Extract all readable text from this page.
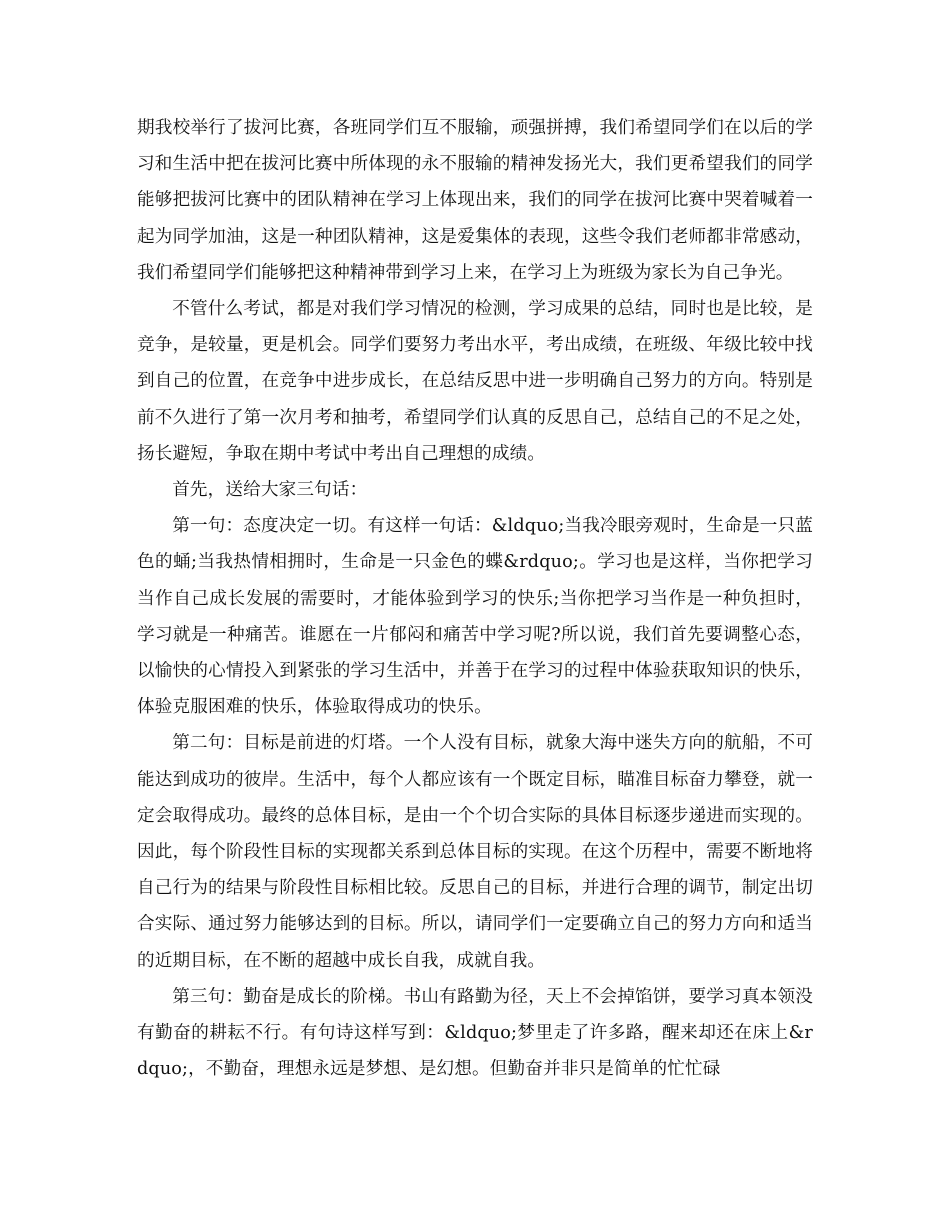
期我校举行了拔河比赛，各班同学们互不服输，顽强拼搏，我们希望同学们在以后的学习和生活中把在拔河比赛中所体现的永不服输的精神发扬光大，我们更希望我们的同学能够把拔河比赛中的团队精神在学习上体现出来，我们的同学在拔河比赛中哭着喊着一起为同学加油，这是一种团队精神，这是爱集体的表现，这些令我们老师都非常感动，我们希望同学们能够把这种精神带到学习上来，在学习上为班级为家长为自己争光。

不管什么考试，都是对我们学习情况的检测，学习成果的总结，同时也是比较，是竞争，是较量，更是机会。同学们要努力考出水平，考出成绩，在班级、年级比较中找到自己的位置，在竞争中进步成长，在总结反思中进一步明确自己努力的方向。特别是前不久进行了第一次月考和抽考，希望同学们认真的反思自己，总结自己的不足之处，扬长避短，争取在期中考试中考出自己理想的成绩。

首先，送给大家三句话：

第一句：态度决定一切。有这样一句话：&ldquo;当我冷眼旁观时，生命是一只蓝色的蛹;当我热情相拥时，生命是一只金色的蝶&rdquo;。学习也是这样，当你把学习当作自己成长发展的需要时，才能体验到学习的快乐;当你把学习当作是一种负担时，学习就是一种痛苦。谁愿在一片郁闷和痛苦中学习呢?所以说，我们首先要调整心态，以愉快的心情投入到紧张的学习生活中，并善于在学习的过程中体验获取知识的快乐，体验克服困难的快乐，体验取得成功的快乐。

第二句：目标是前进的灯塔。一个人没有目标，就象大海中迷失方向的航船，不可能达到成功的彼岸。生活中，每个人都应该有一个既定目标，瞄准目标奋力攀登，就一定会取得成功。最终的总体目标，是由一个个切合实际的具体目标逐步递进而实现的。因此，每个阶段性目标的实现都关系到总体目标的实现。在这个历程中，需要不断地将自己行为的结果与阶段性目标相比较。反思自己的目标，并进行合理的调节，制定出切合实际、通过努力能够达到的目标。所以，请同学们一定要确立自己的努力方向和适当的近期目标，在不断的超越中成长自我，成就自我。

第三句：勤奋是成长的阶梯。书山有路勤为径，天上不会掉馅饼，要学习真本领没有勤奋的耕耘不行。有句诗这样写到：&ldquo;梦里走了许多路，醒来却还在床上&rdquo;，不勤奋，理想永远是梦想、是幻想。但勤奋并非只是简单的忙忙碌
